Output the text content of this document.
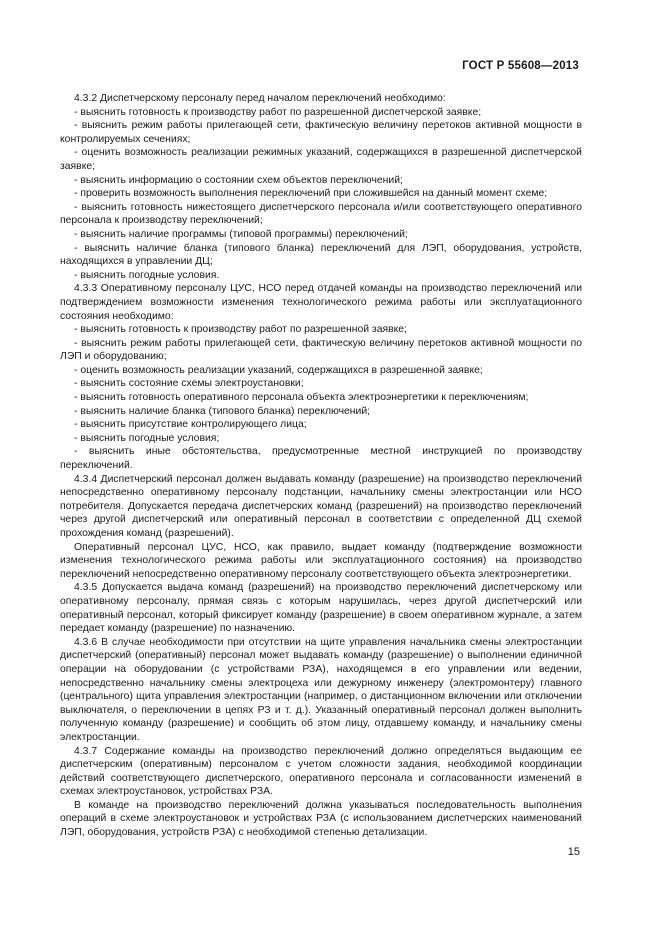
ГОСТ Р 55608—2013

4.3.2 Диспетчерскому персоналу перед началом переключений необходимо:

- выяснить готовность к производству работ по разрешенной диспетчерской заявке;

- выяснить режим работы прилегающей сети, фактическую величину перетоков активной мощности в контролируемых сечениях;

- оценить возможность реализации режимных указаний, содержащихся в разрешенной диспетчерской заявке;

- выяснить информацию о состоянии схем объектов переключений;

- проверить возможность выполнения переключений при сложившейся на данный момент схеме;

- выяснить готовность нижестоящего диспетчерского персонала и/или соответствующего оперативного персонала к производству переключений;

- выяснить наличие программы (типовой программы) переключений;

- выяснить наличие бланка (типового бланка) переключений для ЛЭП, оборудования, устройств, находящихся в управлении ДЦ;

- выяснить погодные условия.

4.3.3 Оперативному персоналу ЦУС, НСО перед отдачей команды на производство переключений или подтверждением возможности изменения технологического режима работы или эксплуатационного состояния необходимо:

- выяснить готовность к производству работ по разрешенной заявке;

- выяснить режим работы прилегающей сети, фактическую величину перетоков активной мощности по ЛЭП и оборудованию;

- оценить возможность реализации указаний, содержащихся в разрешенной заявке;

- выяснить состояние схемы электроустановки;

- выяснить готовность оперативного персонала объекта электроэнергетики к переключениям;

- выяснить наличие бланка (типового бланка) переключений;

- выяснить присутствие контролирующего лица;

- выяснить погодные условия;

- выяснить иные обстоятельства, предусмотренные местной инструкцией по производству переключений.

4.3.4 Диспетчерский персонал должен выдавать команду (разрешение) на производство переключений непосредственно оперативному персоналу подстанции, начальнику смены электростанции или НСО потребителя. Допускается передача диспетчерских команд (разрешений) на производство переключений через другой диспетчерский или оперативный персонал в соответствии с определенной ДЦ схемой прохождения команд (разрешений).

Оперативный персонал ЦУС, НСО, как правило, выдает команду (подтверждение возможности изменения технологического режима работы или эксплуатационного состояния) на производство переключений непосредственно оперативному персоналу соответствующего объекта электроэнергетики.

4.3.5 Допускается выдача команд (разрешений) на производство переключений диспетчерскому или оперативному персоналу, прямая связь с которым нарушилась, через другой диспетчерский или оперативный персонал, который фиксирует команду (разрешение) в своем оперативном журнале, а затем передает команду (разрешение) по назначению.

4.3.6 В случае необходимости при отсутствии на щите управления начальника смены электростанции диспетчерский (оперативный) персонал может выдавать команду (разрешение) о выполнении единичной операции на оборудовании (с устройствами РЗА), находящемся в его управлении или ведении, непосредственно начальнику смены электроцеха или дежурному инженеру (электромонтеру) главного (центрального) щита управления электростанции (например, о дистанционном включении или отключении выключателя, о переключении в цепях РЗ и т. д.). Указанный оперативный персонал должен выполнить полученную команду (разрешение) и сообщить об этом лицу, отдавшему команду, и начальнику смены электростанции.

4.3.7 Содержание команды на производство переключений должно определяться выдающим ее диспетчерским (оперативным) персоналом с учетом сложности задания, необходимой координации действий соответствующего диспетчерского, оперативного персонала и согласованности изменений в схемах электроустановок, устройствах РЗА.

В команде на производство переключений должна указываться последовательность выполнения операций в схеме электроустановок и устройствах РЗА (с использованием диспетчерских наименований ЛЭП, оборудования, устройств РЗА) с необходимой степенью детализации.

15
